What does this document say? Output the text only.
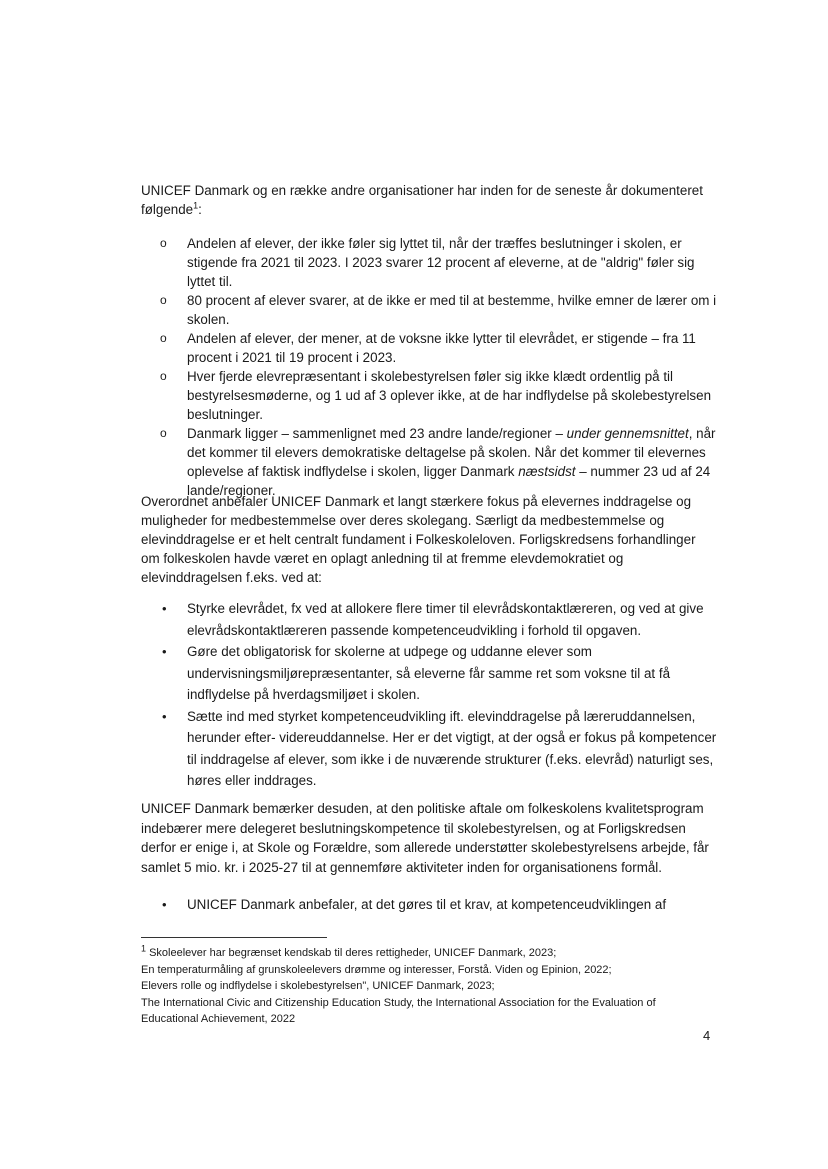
UNICEF Danmark og en række andre organisationer har inden for de seneste år dokumenteret følgende$^1$:
o	Andelen af elever, der ikke føler sig lyttet til, når der træffes beslutninger i skolen, er stigende fra 2021 til 2023. I 2023 svarer 12 procent af eleverne, at de "aldrig" føler sig lyttet til.
o	80 procent af elever svarer, at de ikke er med til at bestemme, hvilke emner de lærer om i skolen.
o	Andelen af elever, der mener, at de voksne ikke lytter til elevrådet, er stigende – fra 11 procent i 2021 til 19 procent i 2023.
o	Hver fjerde elevrepræsentant i skolebestyrelsen føler sig ikke klædt ordentlig på til bestyrelsesmøderne, og 1 ud af 3 oplever ikke, at de har indflydelse på skolebestyrelsen beslutninger.
o	Danmark ligger – sammenlignet med 23 andre lande/regioner – under gennemsnittet, når det kommer til elevers demokratiske deltagelse på skolen. Når det kommer til elevernes oplevelse af faktisk indflydelse i skolen, ligger Danmark næstsidst – nummer 23 ud af 24 lande/regioner.
Overordnet anbefaler UNICEF Danmark et langt stærkere fokus på elevernes inddragelse og muligheder for medbestemmelse over deres skolegang. Særligt da medbestemmelse og elevinddragelse er et helt centralt fundament i Folkeskoleloven. Forligskredsens forhandlinger om folkeskolen havde været en oplagt anledning til at fremme elevdemokratiet og elevinddragelsen f.eks. ved at:
• Styrke elevrådet, fx ved at allokere flere timer til elevrådskontaktlæreren, og ved at give elevrådskontaktlæreren passende kompetenceudvikling i forhold til opgaven.
• Gøre det obligatorisk for skolerne at udpege og uddanne elever som undervisningsmiljørepræsentanter, så eleverne får samme ret som voksne til at få indflydelse på hverdagsmiljøet i skolen.
• Sætte ind med styrket kompetenceudvikling ift. elevinddragelse på læreruddannelsen, herunder efter- videreuddannelse. Her er det vigtigt, at der også er fokus på kompetencer til inddragelse af elever, som ikke i de nuværende strukturer (f.eks. elevråd) naturligt ses, høres eller inddrages.
UNICEF Danmark bemærker desuden, at den politiske aftale om folkeskolens kvalitetsprogram indebærer mere delegeret beslutningskompetence til skolebestyrelsen, og at Forligskredsen derfor er enige i, at Skole og Forældre, som allerede understøtter skolebestyrelsens arbejde, får samlet 5 mio. kr. i 2025-27 til at gennemføre aktiviteter inden for organisationens formål.
• UNICEF Danmark anbefaler, at det gøres til et krav, at kompetenceudviklingen af
$^1$ Skoleelever har begrænset kendskab til deres rettigheder, UNICEF Danmark, 2023;
En temperaturmåling af grunskoleelevers drømme og interesser, Forstå. Viden og Epinion, 2022;
Elevers rolle og indflydelse i skolebestyrelsen", UNICEF Danmark, 2023;
The International Civic and Citizenship Education Study, the International Association for the Evaluation of
Educational Achievement, 2022
4
